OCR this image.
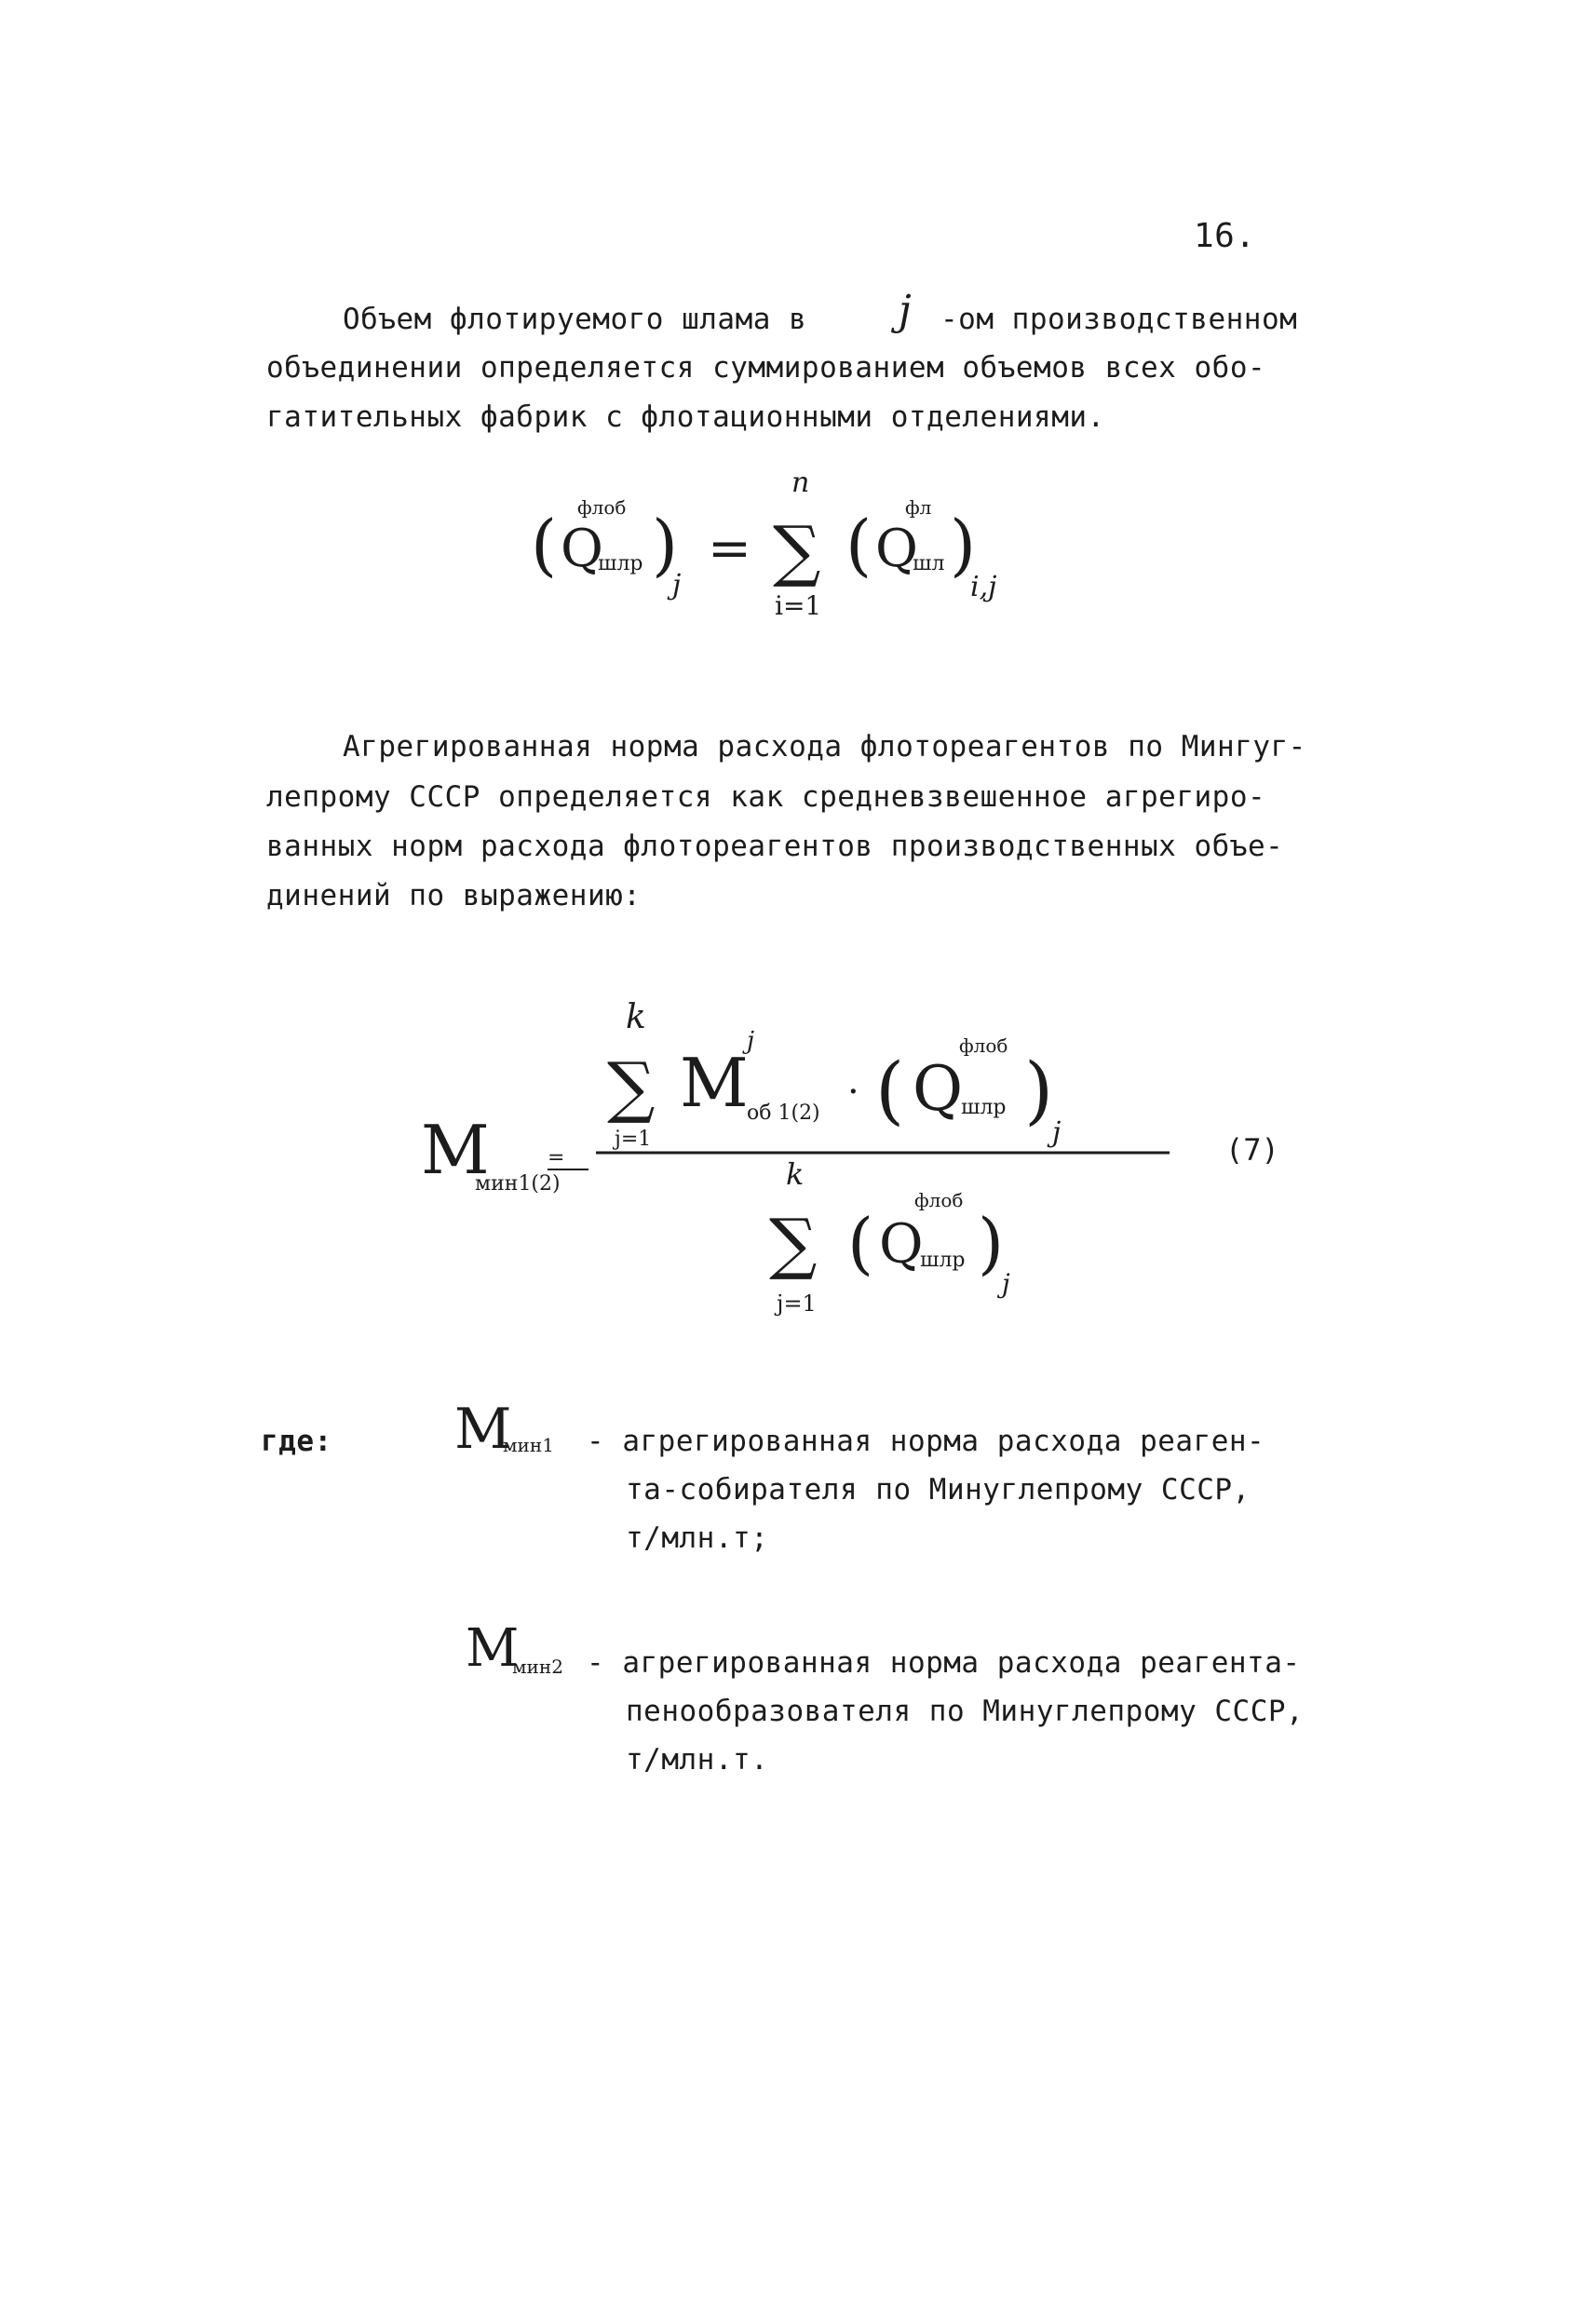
16.
Объем флотируемого шлама в j -ом производственном
объединении определяется суммированием объемов всех обо-
гатительных фабрик с флотационными отделениями.
( Q
флоб
шлр )
j
=
n
∑
i=1
( Q
фл
шл )
i,j
Агрегированная норма расхода флотореагентов по Мингуг-
лепрому СССР определяется как средневзвешенное агрегиро-
ванных норм расхода флотореагентов производственных объе-
динений по выражению:
M
мин1(2)
=
k
∑
j=1
M
j
об 1(2) · ( Q
флоб
шлр )
j	(7)
k
∑
j=1
( Q
флоб
шлр )
j
где: M
мин1 - агрегированная норма расхода реаген-
та-собирателя по Минуглепрому СССР,
т/млн.т;
M
мин2 - агрегированная норма расхода реагента-
пенообразователя по Минуглепрому СССР,
т/млн.т.
